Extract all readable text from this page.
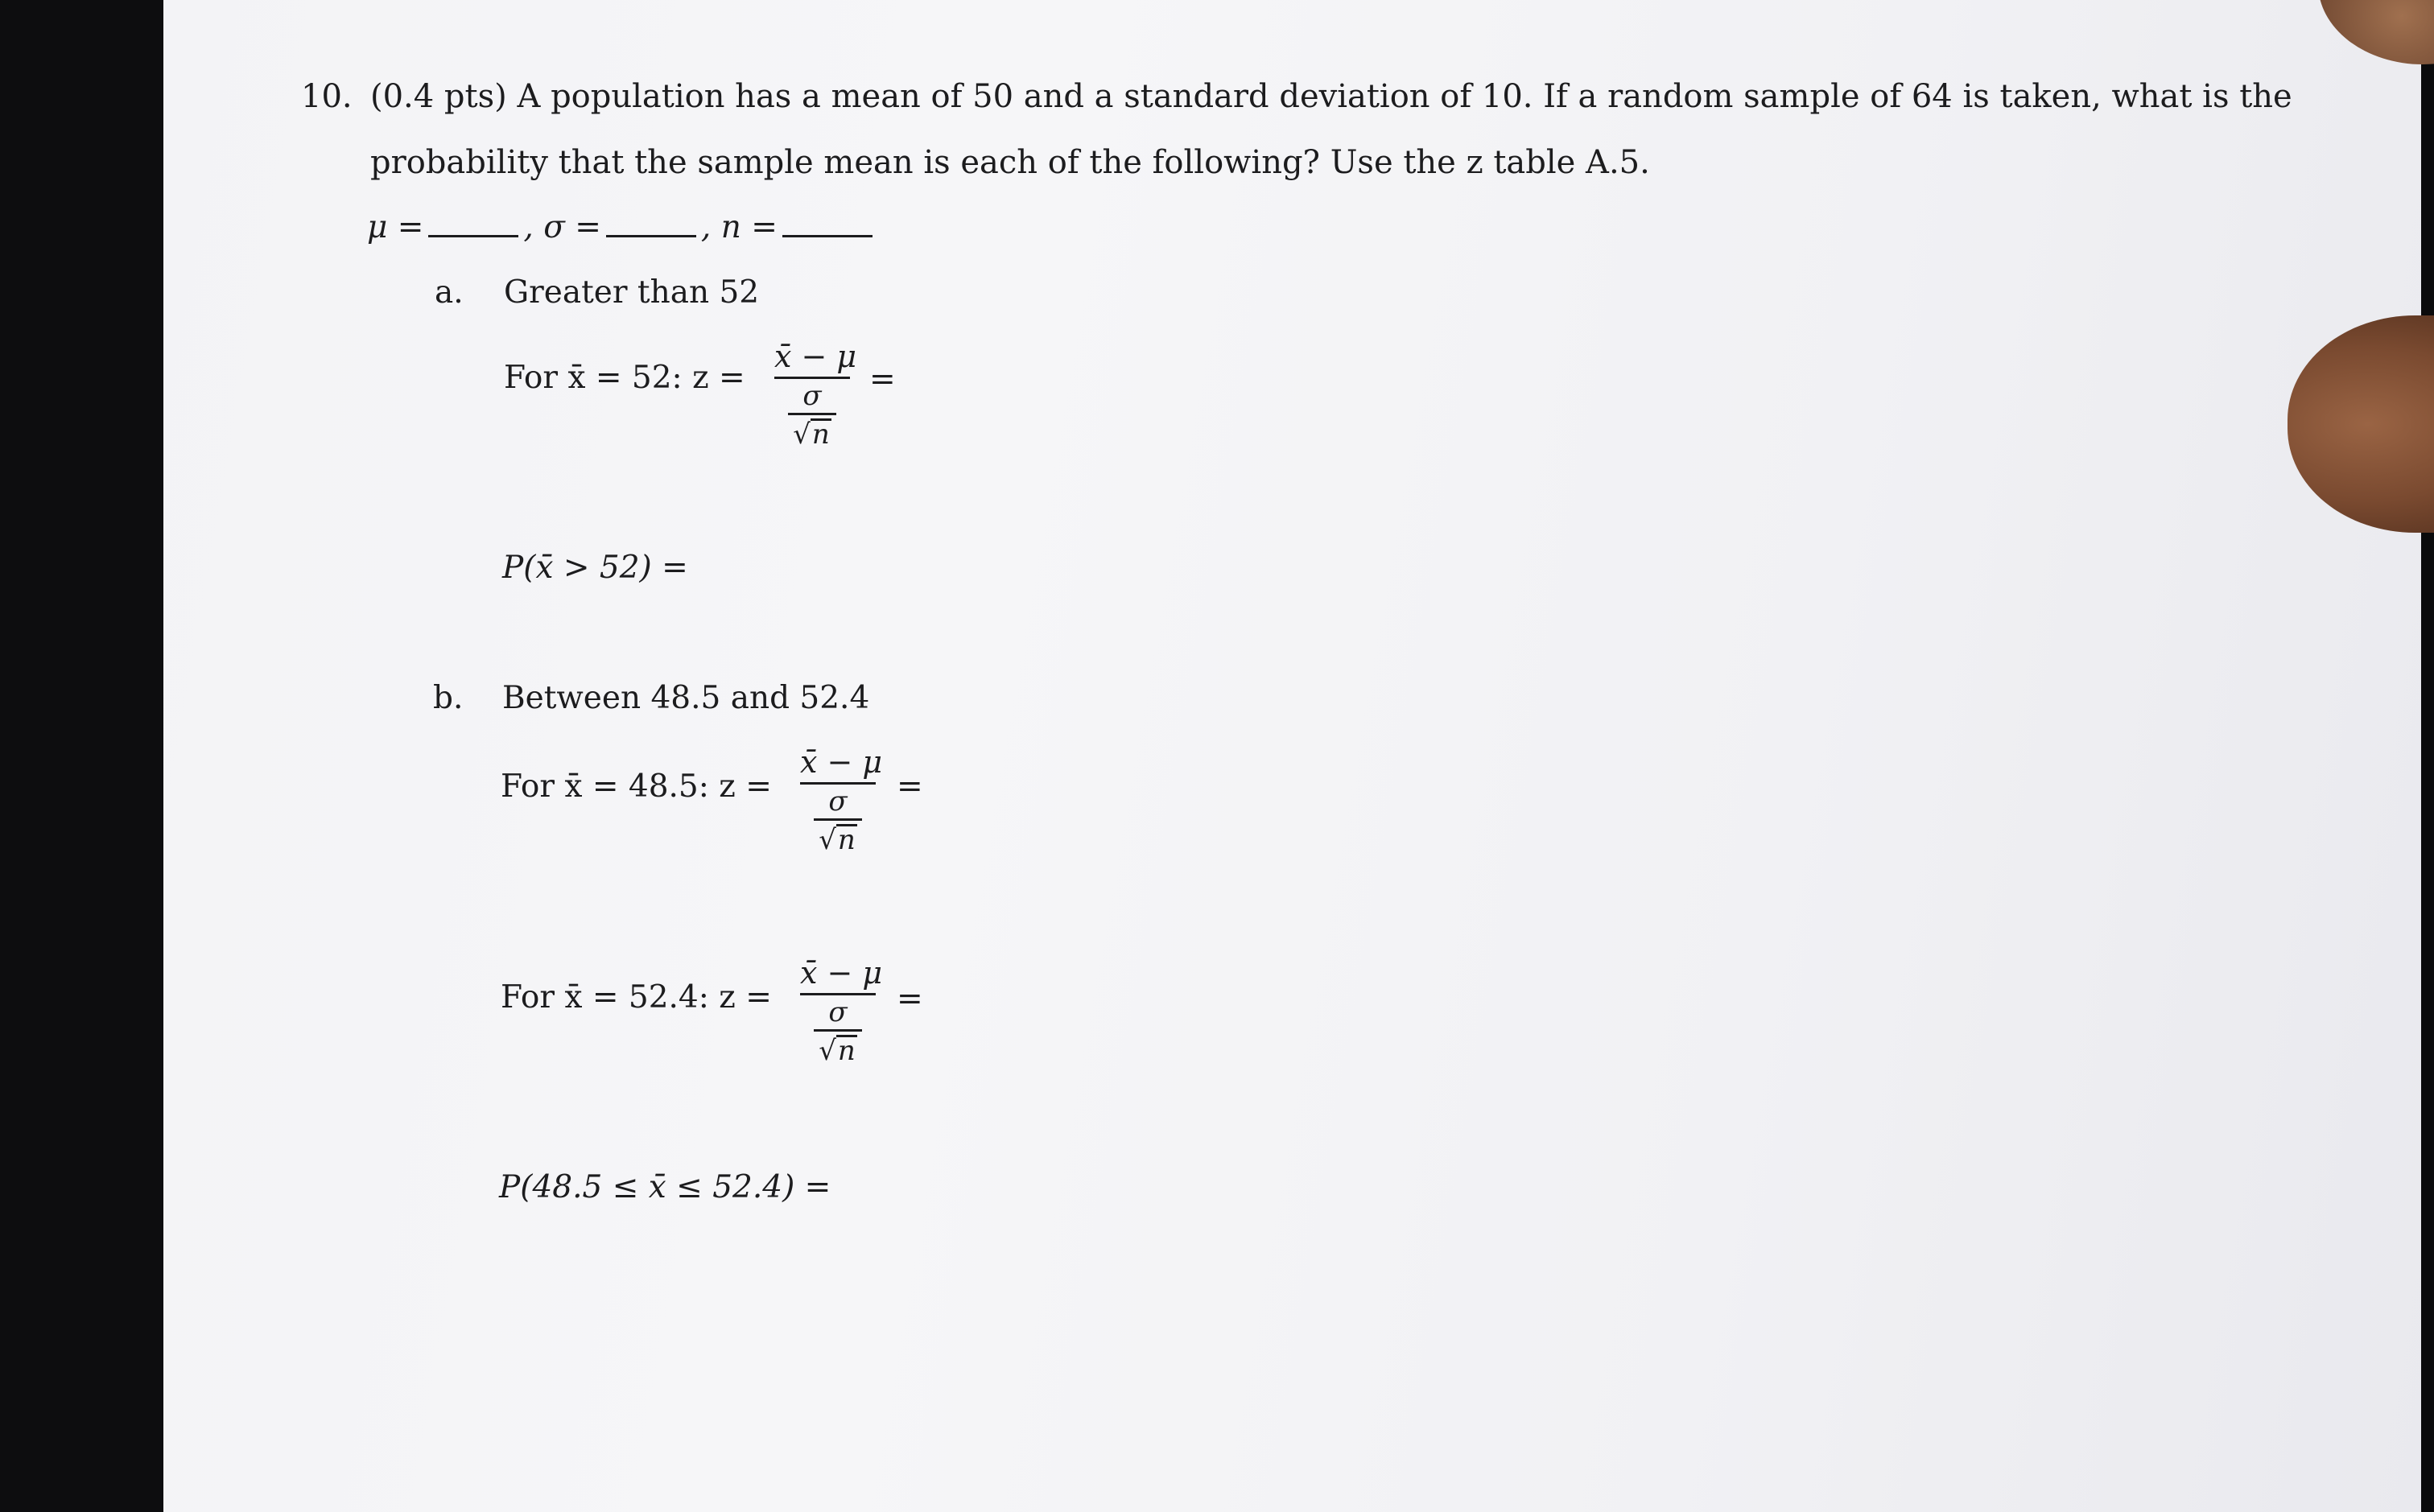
10. (0.4 pts) A population has a mean of 50 and a standard deviation of 10. If a random sample of 64 is taken, what is the
probability that the sample mean is each of the following? Use the z table A.5.
μ =	, σ =	, n =
a. Greater than 52
For x̄ = 52: z =
x̄ − μ
σ
√n
=
P(x̄ > 52) =
b. Between 48.5 and 52.4
For x̄ = 48.5: z =
x̄ − μ
σ
√n
=
For x̄ = 52.4: z =
x̄ − μ
σ
√n
=
P(48.5 ≤ x̄ ≤ 52.4) =
